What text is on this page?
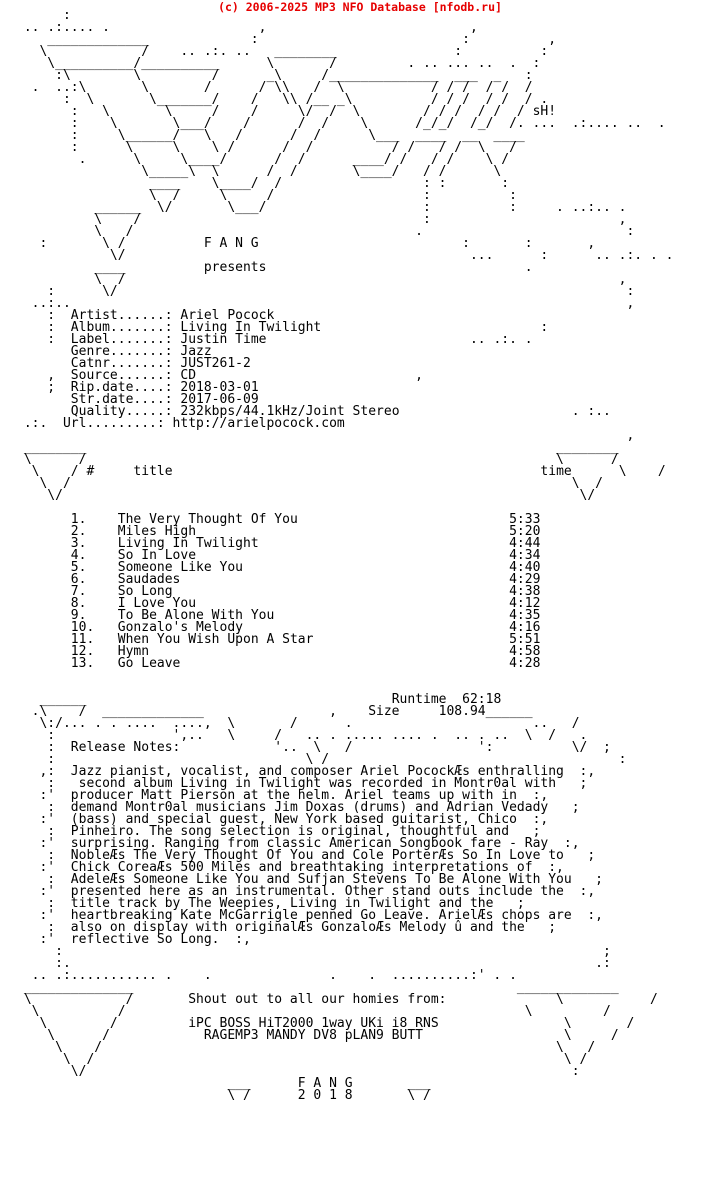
(c) 2006-2025 MP3 NFO Database [nfodb.ru]
:
.. .:.... .                   ,                          ,
_____________             :                          :          ,
\            /    .. .:. ..   ________               :          :
\__________/__________      \       /         . .. ... ..  .  :
:\        \         /      _\     /______________  ___  _   :
.  ..:\       \       /      / \\   /  \           / / /  / /  /
:  \       \_______/    /   \\ /__ _\          / / /  / /  / .
:   \       \     /    /     \/  /  \        / / /  / /  / sH!
:    \       \___/    /      /  /    \      /_/_/  /_/  /. ...  .:.... ..  .
:     \______/   \   /      /  /      \___  ____  __  ____
:      \     \    \ /      /  /          / /   / /  \   /
.      \     \____/      /  /      ____/ /   / /    \ /
\_____\  \      /  /       \____/   / /      \
____    \____/  /                  : :       :
\  /     \     /                   :          :
______  \/       \___/                    :          :     . ..:.. .
\    /                                    :                        ,
\   /                                    .                          :
:       \ /          F A N G                          :       :       ,
\/                                            ...      :      .. .:. . .
____          presents                                 .
\  /                                                               ,
:      \/                                                                 :
..:..                                                                       ,
:  Artist......: Ariel Pocock
:  Album.......: Living In Twilight                            :
:  Label.......: Justin Time                          .. .:. .
Genre.......: Jazz
Catnr.......: JUST261-2
,  Source......: CD                            ,
;  Rip.date....: 2018-03-01
Str.date....: 2017-06-09
Quality.....: 232kbps/44.1kHz/Joint Stereo                      . :..
.:.  Url.........: http://arielpocock.com
,
________                                                            ________
\      /                                                            \      /
\    / #	title	time      \    /
\  /                                                                \  /
\/                                                                  \/
1.    The Very Thought Of You                           5:33
2.    Miles High                                        5:20
3.    Living In Twilight                                4:44
4.    So In Love                                        4:34
5.    Someone Like You                                  4:40
6.    Saudades                                          4:29
7.    So Long                                           4:38
8.    I Love You                                        4:12
9.    To Be Alone With You                              4:35
10.   Gonzalo's Melody                                  4:16
11.   When You Wish Upon A Star                         5:51
12.   Hymn                                              4:58
13.   Go Leave                                          4:28
______                                       Runtime 62:18
.\    /  _____________                ,    Size	108.94______
\:/... . . ....  ....,  \       /      .                       ..   /
:               ',..   \     /   .. . ..... .... .  .. . ..  \  /   .
:  Release Notes:            '..  \   /                ':          \/  ;
:                                \ /                                     :
,:  Jazz pianist, vocalist, and composer Ariel PocockÆs enthralling  :,
:   second album Living in Twilight was recorded in Montr0al with   ;
:'  producer Matt Pierson at the helm. Ariel teams up with in  :,
:  demand Montr0al musicians Jim Doxas (drums) and Adrian Vedady   ;
:'  (bass) and special guest, New York based guitarist, Chico  :,
:  Pinheiro. The song selection is original, thoughtful and   ;
:'  surprising. Ranging from classic American Songbook fare - Ray  :,
:  NobleÆs The Very Thought Of You and Cole PorterÆs So In Love to   ;
:'  Chick CoreaÆs 500 Miles and breathtaking interpretations of  :,
:  AdeleÆs Someone Like You and Sufjan Stevens To Be Alone With You   ;
:'  presented here as an instrumental. Other stand outs include the  :,
:  title track by The Weepies, Living in Twilight and the   ;
:'  heartbreaking Kate McGarrigle penned Go Leave. ArielÆs chops are  :,
:  also on display with originalÆs GonzaloÆs Melody û and the   ;
:'  reflective So Long.  :,
:                                                                     ;
:.                                                                   .:
.. .:........... .    .               .    .  ..........:' . .
______________                                                 _____________
\            /       Shout out to all our homies from:              \           /
\          /                                                   \         /
\        /         iPC BOSS HiT2000 1way UKi i8 RNS                \       /
\      /            RAGEMP3 MANDY DV8 pLAN9 BUTT                  \     /
\    /                                                          \   /
\  /                                                            \ /
\/                                                              :
___      F A N G       ___
\ /      2 0 1 8       \ /
